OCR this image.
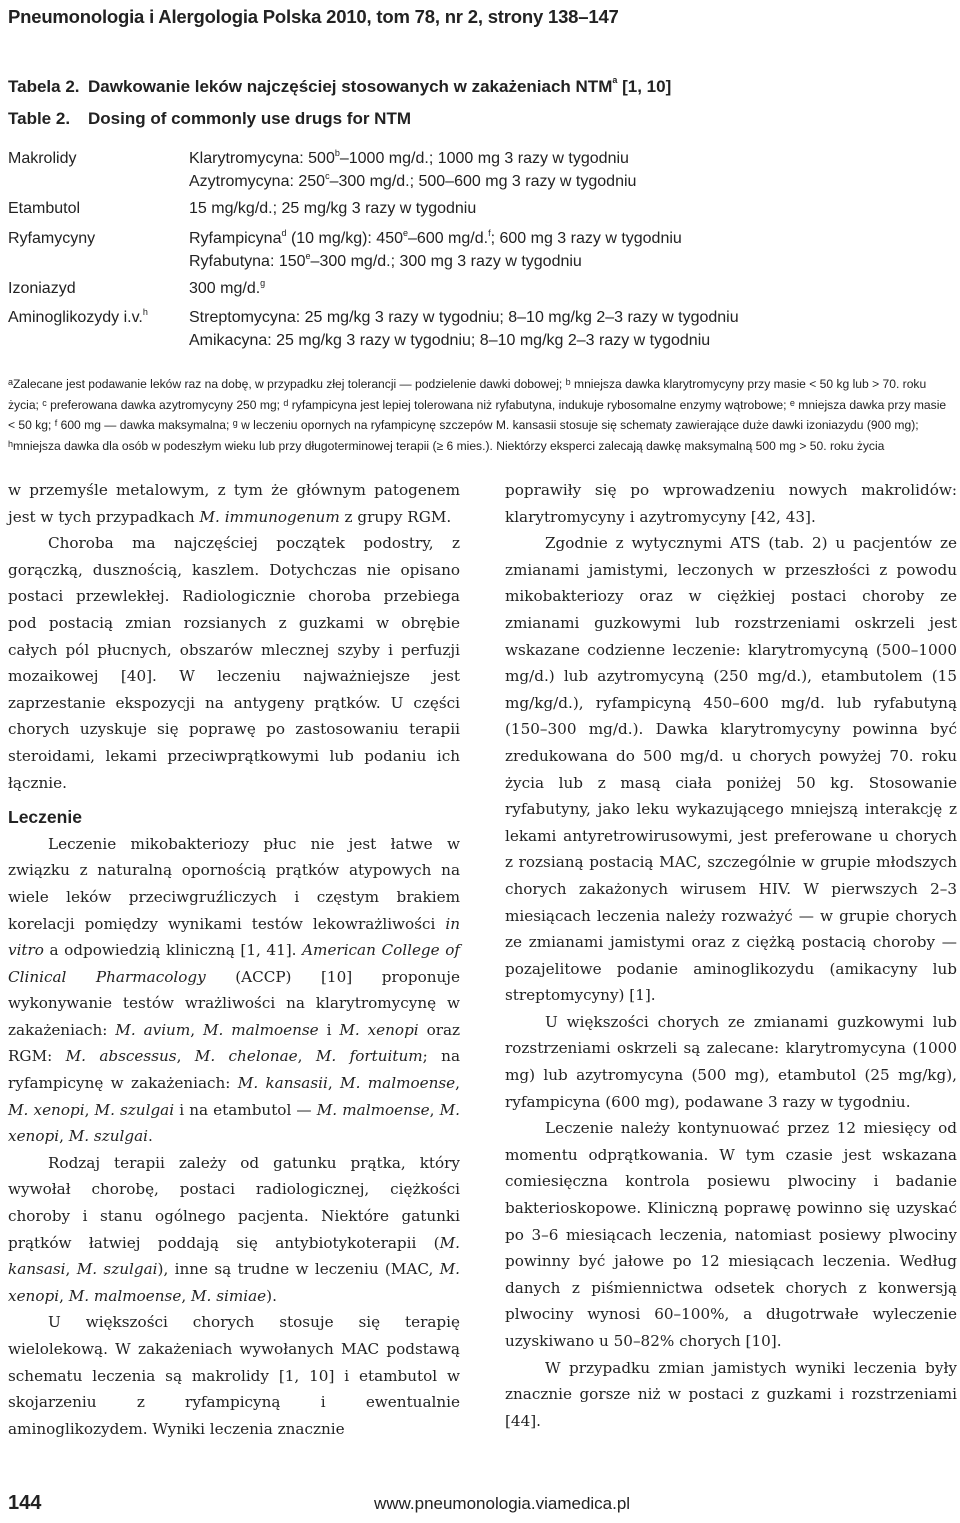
Pneumonologia i Alergologia Polska 2010, tom 78, nr 2, strony 138–147
Tabela 2. Dawkowanie leków najczęściej stosowanych w zakażeniach NTM$^a$ [1, 10]
Table 2. Dosing of commonly use drugs for NTM
Makrolidy	Klarytromycyna: 500$^b$–1000 mg/d.; 1000 mg 3 razy w tygodniu
Azytromycyna: 250$^c$–300 mg/d.; 500–600 mg 3 razy w tygodniu
Etambutol	15 mg/kg/d.; 25 mg/kg 3 razy w tygodniu
Ryfamycyny	Ryfampicyna$^d$ (10 mg/kg): 450e–600 mg/d.$^f$; 600 mg 3 razy w tygodniu
Ryfabutyna: 150e–300 mg/d.; 300 mg 3 razy w tygodniu
Izoniazyd	300 mg/d.$^g$
Aminoglikozydy i.v.$^h$	Streptomycyna: 25 mg/kg 3 razy w tygodniu; 8–10 mg/kg 2–3 razy w tygodniu
Amikacyna: 25 mg/kg 3 razy w tygodniu; 8–10 mg/kg 2–3 razy w tygodniu
$^a$Zalecane jest podawanie leków raz na dobę, w przypadku złej tolerancji — podzielenie dawki dobowej; $^b$ mniejsza dawka klarytromycyny przy masie < 50 kg lub > 70. roku
życia; $^c$ preferowana dawka azytromycyny 250 mg; $^d$ ryfampicyna jest lepiej tolerowana niż ryfabutyna, indukuje rybosomalne enzymy wątrobowe; $^e$ mniejsza dawka przy masie
< 50 kg; $^f$ 600 mg — dawka maksymalna; $^g$ w leczeniu opornych na ryfampicynę szczepów M. kansasii stosuje się schematy zawierające duże dawki izoniazydu (900 mg);
$^h$mniejsza dawka dla osób w podeszłym wieku lub przy długoterminowej terapii (≥ 6 mies.). Niektórzy eksperci zalecają dawkę maksymalną 500 mg > 50. roku życia

w przemyśle metalowym, z tym że głównym patogenem jest w tych przypadkach M. immunogenum z grupy RGM.

Choroba ma najczęściej początek podostry, z gorączką, dusznością, kaszlem. Dotychczas nie opisano postaci przewlekłej. Radiologicznie choroba przebiega pod postacią zmian rozsianych z guzkami w obrębie całych pól płucnych, obszarów mlecznej szyby i perfuzji mozaikowej [40]. W leczeniu najważniejsze jest zaprzestanie ekspozycji na antygeny prątków. U części chorych uzyskuje się poprawę po zastosowaniu terapii steroidami, lekami przeciwprątkowymi lub podaniu ich łącznie.

Leczenie

Leczenie mikobakteriozy płuc nie jest łatwe w związku z naturalną opornością prątków atypowych na wiele leków przeciwgruźliczych i częstym brakiem korelacji pomiędzy wynikami testów lekowrażliwości in vitro a odpowiedzią kliniczną [1, 41]. American College of Clinical Pharmacology (ACCP) [10] proponuje wykonywanie testów wrażliwości na klarytromycynę w zakażeniach: M. avium, M. malmoense i M. xenopi oraz RGM: M. abscessus, M. chelonae, M. fortuitum; na ryfampicynę w zakażeniach: M. kansasii, M. malmoense, M. xenopi, M. szulgai i na etambutol — M. malmoense, M. xenopi, M. szulgai.

Rodzaj terapii zależy od gatunku prątka, który wywołał chorobę, postaci radiologicznej, ciężkości choroby i stanu ogólnego pacjenta. Niektóre gatunki prątków łatwiej poddają się antybiotykoterapii (M. kansasi, M. szulgai), inne są trudne w leczeniu (MAC, M. xenopi, M. malmoense, M. simiae).

U większości chorych stosuje się terapię wielolekową. W zakażeniach wywołanych MAC podstawą schematu leczenia są makrolidy [1, 10] i etambutol w skojarzeniu z ryfampicyną i ewentualnie aminoglikozydem. Wyniki leczenia znacznie

poprawiły się po wprowadzeniu nowych makrolidów: klarytromycyny i azytromycyny [42, 43].

Zgodnie z wytycznymi ATS (tab. 2) u pacjentów ze zmianami jamistymi, leczonych w przeszłości z powodu mikobakteriozy oraz w ciężkiej postaci choroby ze zmianami guzkowymi lub rozstrzeniami oskrzeli jest wskazane codzienne leczenie: klarytromycyną (500–1000 mg/d.) lub azytromycyną (250 mg/d.), etambutolem (15 mg/kg/d.), ryfampicyną 450–600 mg/d. lub ryfabutyną (150–300 mg/d.). Dawka klarytromycyny powinna być zredukowana do 500 mg/d. u chorych powyżej 70. roku życia lub z masą ciała poniżej 50 kg. Stosowanie ryfabutyny, jako leku wykazującego mniejszą interakcję z lekami antyretrowirusowymi, jest preferowane u chorych z rozsianą postacią MAC, szczególnie w grupie młodszych chorych zakażonych wirusem HIV. W pierwszych 2–3 miesiącach leczenia należy rozważyć — w grupie chorych ze zmianami jamistymi oraz z ciężką postacią choroby — pozajelitowe podanie aminoglikozydu (amikacyny lub streptomycyny) [1].

U większości chorych ze zmianami guzkowymi lub rozstrzeniami oskrzeli są zalecane: klarytromycyna (1000 mg) lub azytromycyna (500 mg), etambutol (25 mg/kg), ryfampicyna (600 mg), podawane 3 razy w tygodniu.

Leczenie należy kontynuować przez 12 miesięcy od momentu odprątkowania. W tym czasie jest wskazana comiesięczna kontrola posiewu plwociny i badanie bakterioskopowe. Kliniczną poprawę powinno się uzyskać po 3–6 miesiącach leczenia, natomiast posiewy plwociny powinny być jałowe po 12 miesiącach leczenia. Według danych z piśmiennictwa odsetek chorych z konwersją plwociny wynosi 60–100%, a długotrwałe wyleczenie uzyskiwano u 50–82% chorych [10].

W przypadku zmian jamistych wyniki leczenia były znacznie gorsze niż w postaci z guzkami i rozstrzeniami [44].

144	www.pneumonologia.viamedica.pl
